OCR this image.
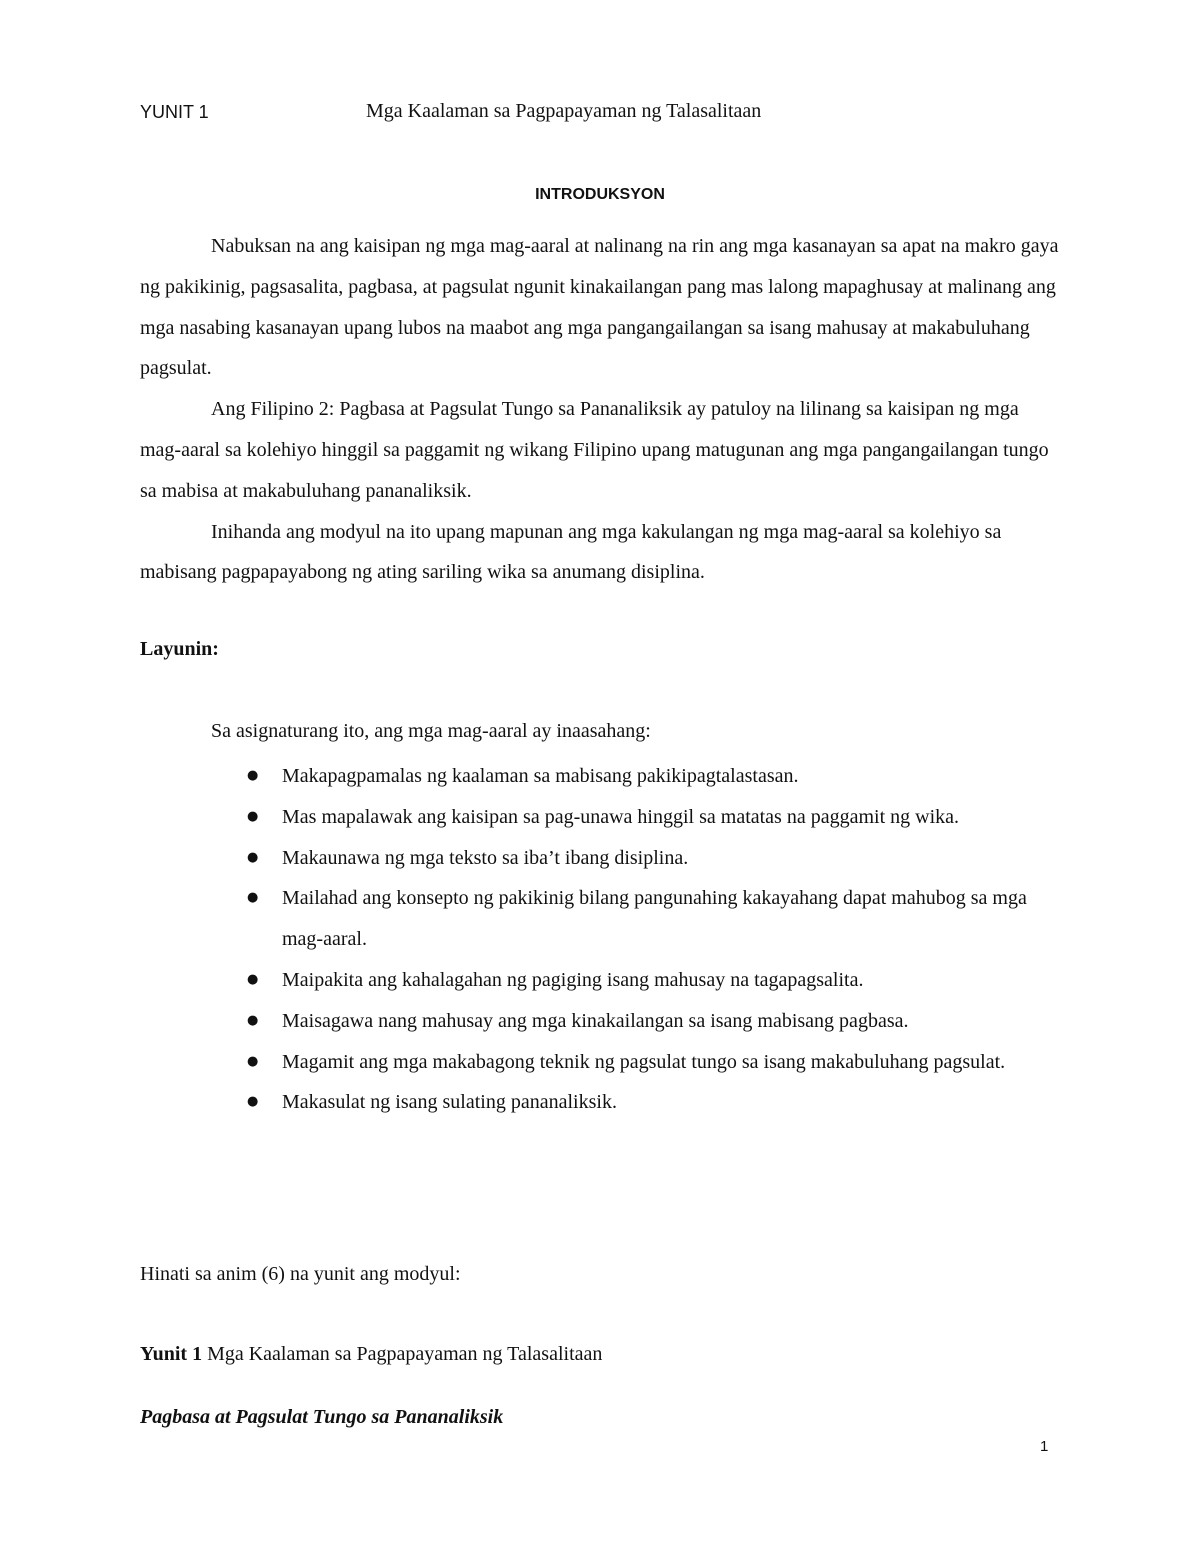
YUNIT 1	Mga Kaalaman sa Pagpapayaman ng Talasalitaan
INTRODUKSYON

Nabuksan na ang kaisipan ng mga mag-aaral at nalinang na rin ang mga kasanayan sa apat na makro gaya ng pakikinig, pagsasalita, pagbasa, at pagsulat ngunit kinakailangan pang mas lalong mapaghusay at malinang ang mga nasabing kasanayan upang lubos na maabot ang mga pangangailangan sa isang mahusay at makabuluhang pagsulat.

Ang Filipino 2: Pagbasa at Pagsulat Tungo sa Pananaliksik ay patuloy na lilinang sa kaisipan ng mga mag-aaral sa kolehiyo hinggil sa paggamit ng wikang Filipino upang matugunan ang mga pangangailangan tungo sa mabisa at makabuluhang pananaliksik.

Inihanda ang modyul na ito upang mapunan ang mga kakulangan ng mga mag-aaral sa kolehiyo sa mabisang pagpapayabong ng ating sariling wika sa anumang disiplina.

Layunin:
Sa asignaturang ito, ang mga mag-aaral ay inaasahang:
● Makapagpamalas ng kaalaman sa mabisang pakikipagtalastasan.
● Mas mapalawak ang kaisipan sa pag-unawa hinggil sa matatas na paggamit ng wika.
● Makaunawa ng mga teksto sa iba’t ibang disiplina.
● Mailahad ang konsepto ng pakikinig bilang pangunahing kakayahang dapat mahubog sa mga mag-aaral.
● Maipakita ang kahalagahan ng pagiging isang mahusay na tagapagsalita.
● Maisagawa nang mahusay ang mga kinakailangan sa isang mabisang pagbasa.
● Magamit ang mga makabagong teknik ng pagsulat tungo sa isang makabuluhang pagsulat.
● Makasulat ng isang sulating pananaliksik.
Hinati sa anim (6) na yunit ang modyul:
Yunit 1 Mga Kaalaman sa Pagpapayaman ng Talasalitaan
Pagbasa at Pagsulat Tungo sa Pananaliksik
1
